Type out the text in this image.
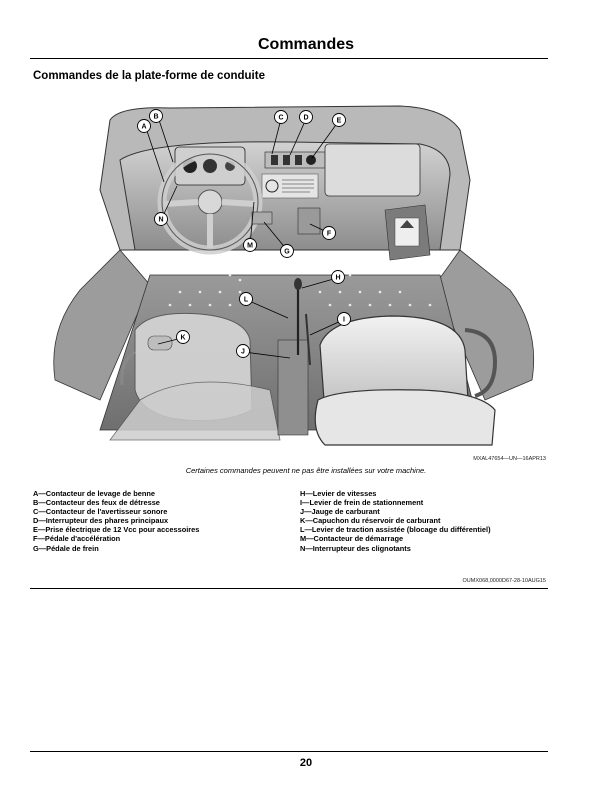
Commandes
Commandes de la plate-forme de conduite
A
B	C	D	E
F
G
H
I
J
K
L
M
N
MXAL47654—UN—16APR13
Certaines commandes peuvent ne pas être installées sur votre machine.
A—Contacteur de levage de benne
B—Contacteur des feux de détresse
C—Contacteur de l'avertisseur sonore
D—Interrupteur des phares principaux
E—Prise électrique de 12 Vcc pour accessoires
F—Pédale d'accélération
G—Pédale de frein
H—Levier de vitesses
I—Levier de frein de stationnement
J—Jauge de carburant
K—Capuchon du réservoir de carburant
L—Levier de traction assistée (blocage du différentiel)
M—Contacteur de démarrage
N—Interrupteur des clignotants
OUMX068,0000D67-28-10AUG15
20
